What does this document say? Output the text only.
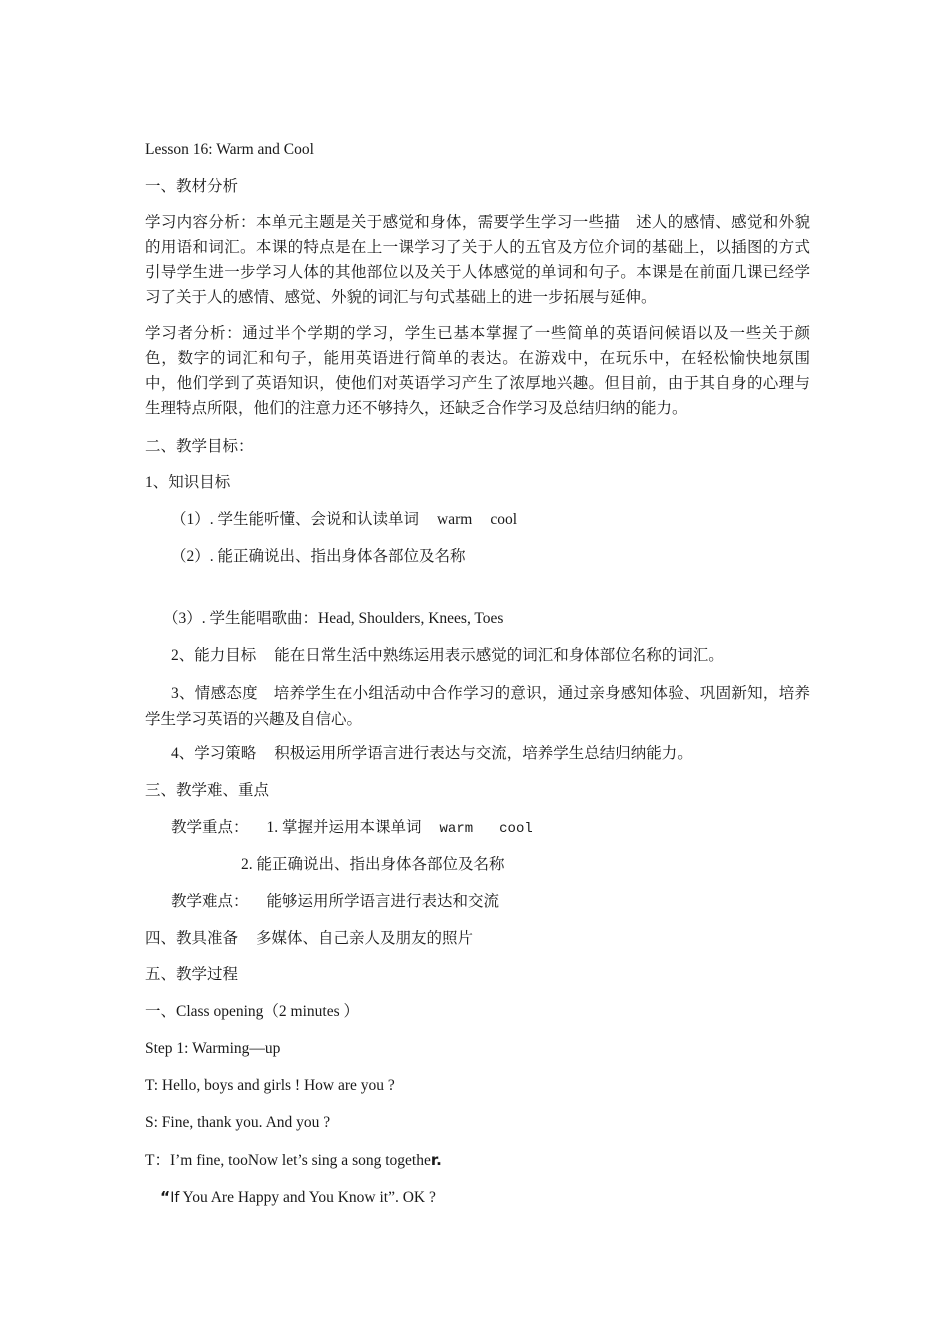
Lesson 16: Warm and Cool
一、教材分析
学习内容分析：本单元主题是关于感觉和身体，需要学生学习一些描　述人的感情、感觉和外貌的用语和词汇。本课的特点是在上一课学习了关于人的五官及方位介词的基础上，以插图的方式引导学生进一步学习人体的其他部位以及关于人体感觉的单词和句子。本课是在前面几课已经学习了关于人的感情、感觉、外貌的词汇与句式基础上的进一步拓展与延伸。
学习者分析：通过半个学期的学习，学生已基本掌握了一些简单的英语问候语以及一些关于颜色，数字的词汇和句子，能用英语进行简单的表达。在游戏中，在玩乐中，在轻松愉快地氛围中，他们学到了英语知识，使他们对英语学习产生了浓厚地兴趣。但目前，由于其自身的心理与生理特点所限，他们的注意力还不够持久，还缺乏合作学习及总结归纳的能力。
二、教学目标：
1、知识目标
（1）. 学生能听懂、会说和认读单词 warm cool
（2）. 能正确说出、指出身体各部位及名称
（3）. 学生能唱歌曲：Head, Shoulders, Knees, Toes
2、能力目标 能在日常生活中熟练运用表示感觉的词汇和身体部位名称的词汇。
3、情感态度　培养学生在小组活动中合作学习的意识，通过亲身感知体验、巩固新知，培养学生学习英语的兴趣及自信心。
4、学习策略 积极运用所学语言进行表达与交流，培养学生总结归纳能力。
三、教学难、重点
教学重点： 1. 掌握并运用本课单词 warm cool
2. 能正确说出、指出身体各部位及名称
教学难点： 能够运用所学语言进行表达和交流
四、教具准备 多媒体、自己亲人及朋友的照片
五、教学过程
一、Class opening（2 minutes ）
Step 1: Warming—up
T: Hello, boys and girls ! How are you ?
S: Fine, thank you. And you ?
T：I’m fine, tooNow let’s sing a song together.
“If You Are Happy and You Know it”. OK ?
